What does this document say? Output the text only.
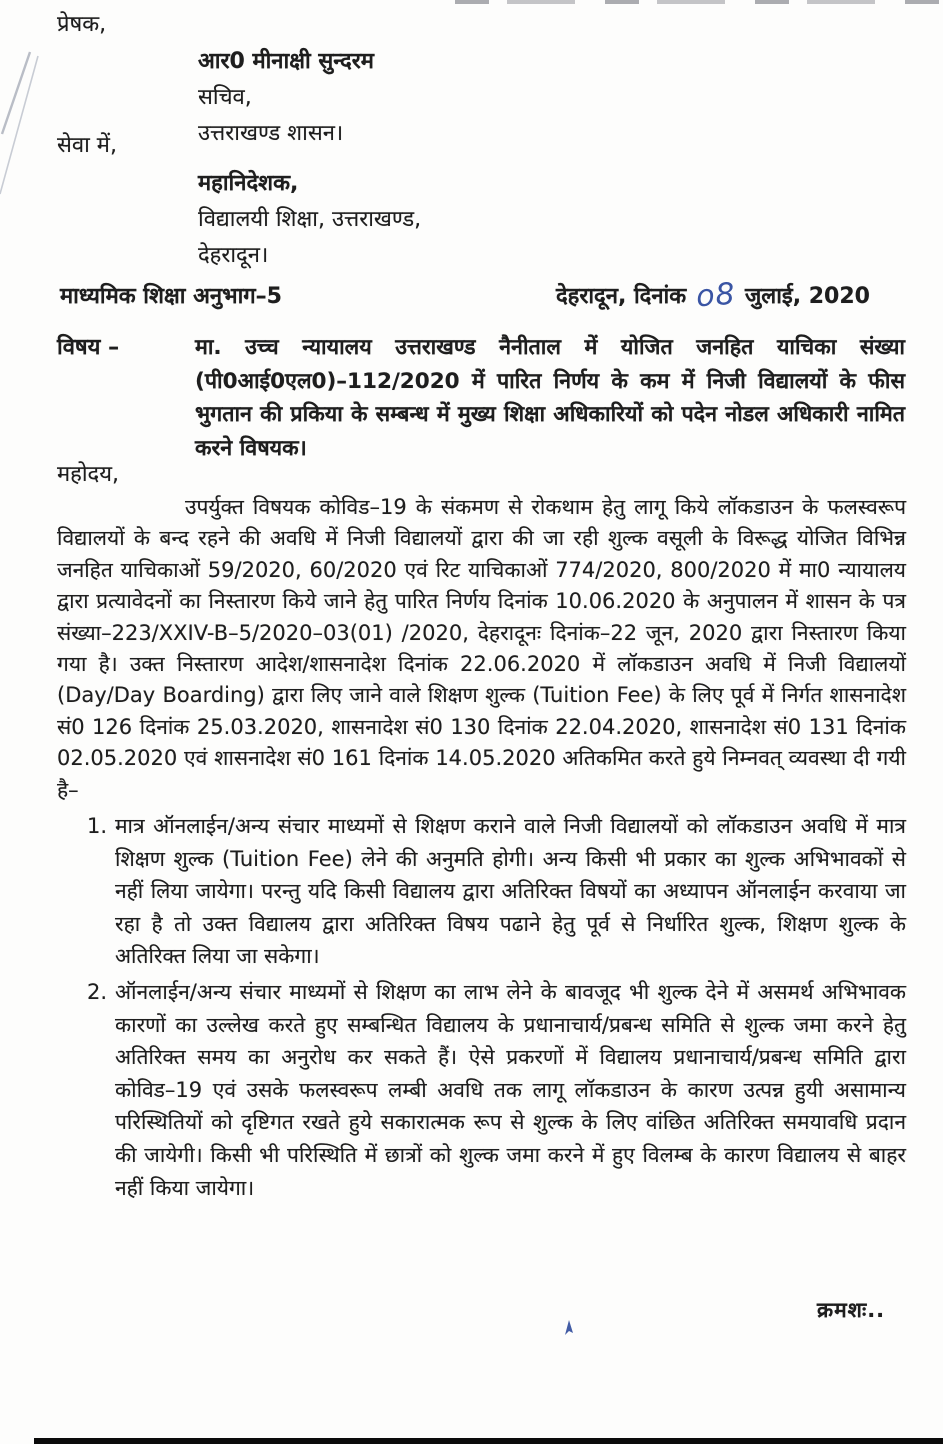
प्रेषक,
आर0 मीनाक्षी सुन्दरम
सचिव,
उत्तराखण्ड शासन।
सेवा में,
महानिदेशक,
विद्यालयी शिक्षा, उत्तराखण्ड,
देहरादून।
माध्यमिक शिक्षा अनुभाग–5	देहरादून, दिनांक o8 जुलाई, 2020
विषय –	मा. उच्च न्यायालय उत्तराखण्ड नैनीताल में योजित जनहित याचिका संख्या (पी0आई0एल0)–112/2020 में पारित निर्णय के कम में निजी विद्यालयों के फीस भुगतान की प्रकिया के सम्बन्ध में मुख्य शिक्षा अधिकारियों को पदेन नोडल अधिकारी नामित करने विषयक।
महोदय,
उपर्युक्त विषयक कोविड–19 के संकमण से रोकथाम हेतु लागू किये लॉकडाउन के फलस्वरूप विद्यालयों के बन्द रहने की अवधि में निजी विद्यालयों द्वारा की जा रही शुल्क वसूली के विरूद्ध योजित विभिन्न जनहित याचिकाओं 59/2020, 60/2020 एवं रिट याचिकाओं 774/2020, 800/2020 में मा0 न्यायालय द्वारा प्रत्यावेदनों का निस्तारण किये जाने हेतु पारित निर्णय दिनांक 10.06.2020 के अनुपालन में शासन के पत्र संख्या–223/XXIV-B–5/2020–03(01) /2020, देहरादूनः दिनांक–22 जून, 2020 द्वारा निस्तारण किया गया है। उक्त निस्तारण आदेश/शासनादेश दिनांक 22.06.2020 में लॉकडाउन अवधि में निजी विद्यालयों (Day/Day Boarding) द्वारा लिए जाने वाले शिक्षण शुल्क (Tuition Fee) के लिए पूर्व में निर्गत शासनादेश सं0 126 दिनांक 25.03.2020, शासनादेश सं0 130 दिनांक 22.04.2020, शासनादेश सं0 131 दिनांक 02.05.2020 एवं शासनादेश सं0 161 दिनांक 14.05.2020 अतिकमित करते हुये निम्नवत् व्यवस्था दी गयी है–
1. मात्र ऑनलाईन/अन्य संचार माध्यमों से शिक्षण कराने वाले निजी विद्यालयों को लॉकडाउन अवधि में मात्र शिक्षण शुल्क (Tuition Fee) लेने की अनुमति होगी। अन्य किसी भी प्रकार का शुल्क अभिभावकों से नहीं लिया जायेगा। परन्तु यदि किसी विद्यालय द्वारा अतिरिक्त विषयों का अध्यापन ऑनलाईन करवाया जा रहा है तो उक्त विद्यालय द्वारा अतिरिक्त विषय पढाने हेतु पूर्व से निर्धारित शुल्क, शिक्षण शुल्क के अतिरिक्त लिया जा सकेगा।
2. ऑनलाईन/अन्य संचार माध्यमों से शिक्षण का लाभ लेने के बावजूद भी शुल्क देने में असमर्थ अभिभावक कारणों का उल्लेख करते हुए सम्बन्धित विद्यालय के प्रधानाचार्य/प्रबन्ध समिति से शुल्क जमा करने हेतु अतिरिक्त समय का अनुरोध कर सकते हैं। ऐसे प्रकरणों में विद्यालय प्रधानाचार्य/प्रबन्ध समिति द्वारा कोविड–19 एवं उसके फलस्वरूप लम्बी अवधि तक लागू लॉकडाउन के कारण उत्पन्न हुयी असामान्य परिस्थितियों को दृष्टिगत रखते हुये सकारात्मक रूप से शुल्क के लिए वांछित अतिरिक्त समयावधि प्रदान की जायेगी। किसी भी परिस्थिति में छात्रों को शुल्क जमा करने में हुए विलम्ब के कारण विद्यालय से बाहर नहीं किया जायेगा।
क्रमशः..
